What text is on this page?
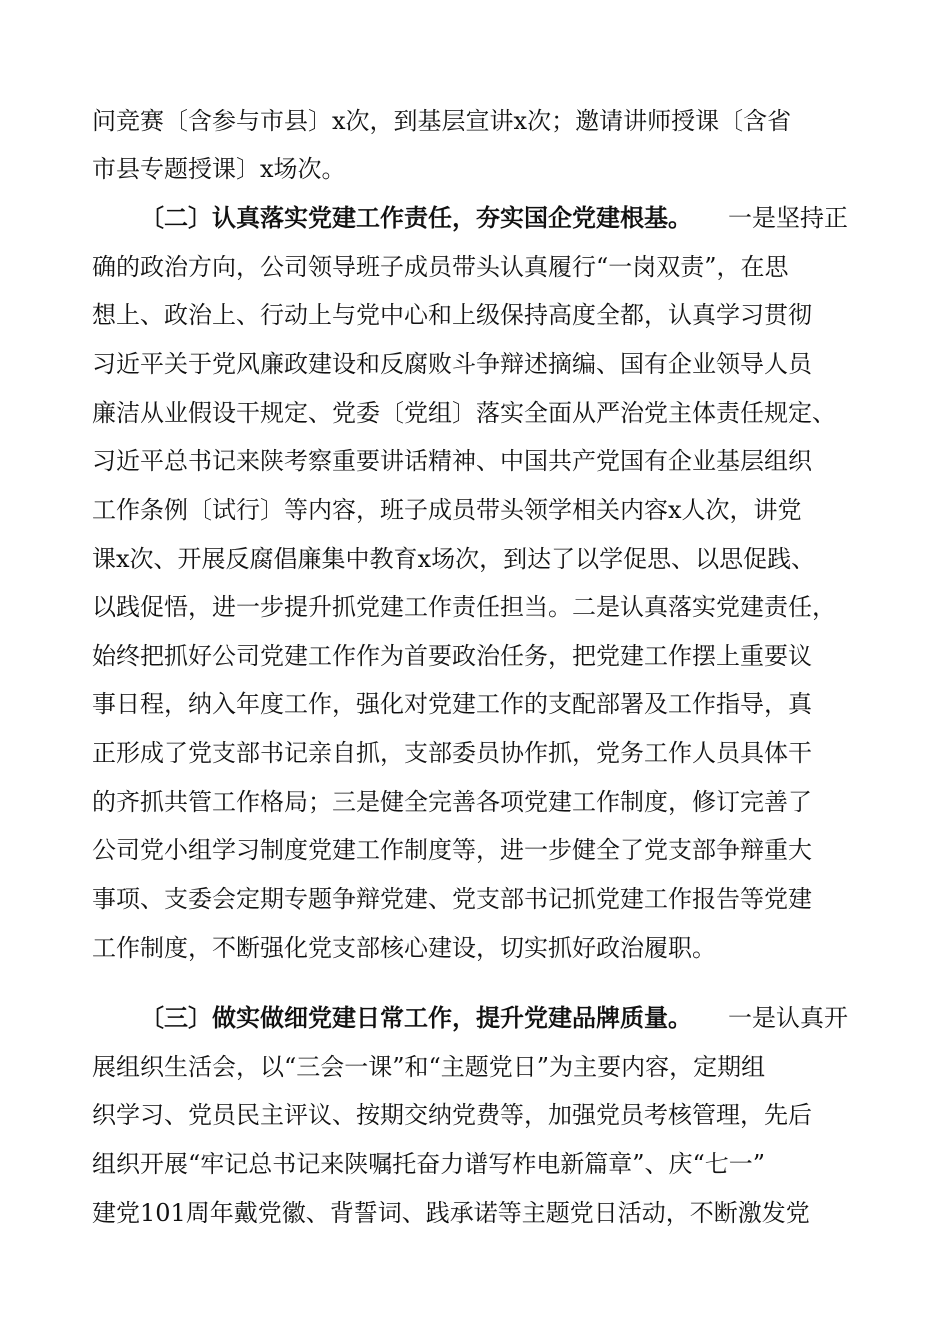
问竞赛〔含参与市县〕x次，到基层宣讲x次；邀请讲师授课〔含省

市县专题授课〕x场次。

〔二〕认真落实党建工作责任，夯实国企党建根基。 一是坚持正

确的政治方向，公司领导班子成员带头认真履行“一岗双责”，在思

想上、政治上、行动上与党中心和上级保持高度全都，认真学习贯彻

习近平关于党风廉政建设和反腐败斗争辩述摘编、国有企业领导人员

廉洁从业假设干规定、党委〔党组〕落实全面从严治党主体责任规定、

习近平总书记来陕考察重要讲话精神、中国共产党国有企业基层组织

工作条例〔试行〕等内容，班子成员带头领学相关内容x人次，讲党

课x次、开展反腐倡廉集中教育x场次，到达了以学促思、以思促践、

以践促悟，进一步提升抓党建工作责任担当。二是认真落实党建责任，

始终把抓好公司党建工作作为首要政治任务，把党建工作摆上重要议

事日程，纳入年度工作，强化对党建工作的支配部署及工作指导，真

正形成了党支部书记亲自抓，支部委员协作抓，党务工作人员具体干

的齐抓共管工作格局；三是健全完善各项党建工作制度，修订完善了

公司党小组学习制度党建工作制度等，进一步健全了党支部争辩重大

事项、支委会定期专题争辩党建、党支部书记抓党建工作报告等党建

工作制度，不断强化党支部核心建设，切实抓好政治履职。

〔三〕做实做细党建日常工作，提升党建品牌质量。 一是认真开

展组织生活会，以“三会一课”和“主题党日”为主要内容，定期组

织学习、党员民主评议、按期交纳党费等，加强党员考核管理，先后

组织开展“牢记总书记来陕嘱托奋力谱写柞电新篇章”、庆“七一”

建党101周年戴党徽、背誓词、践承诺等主题党日活动，不断激发党
